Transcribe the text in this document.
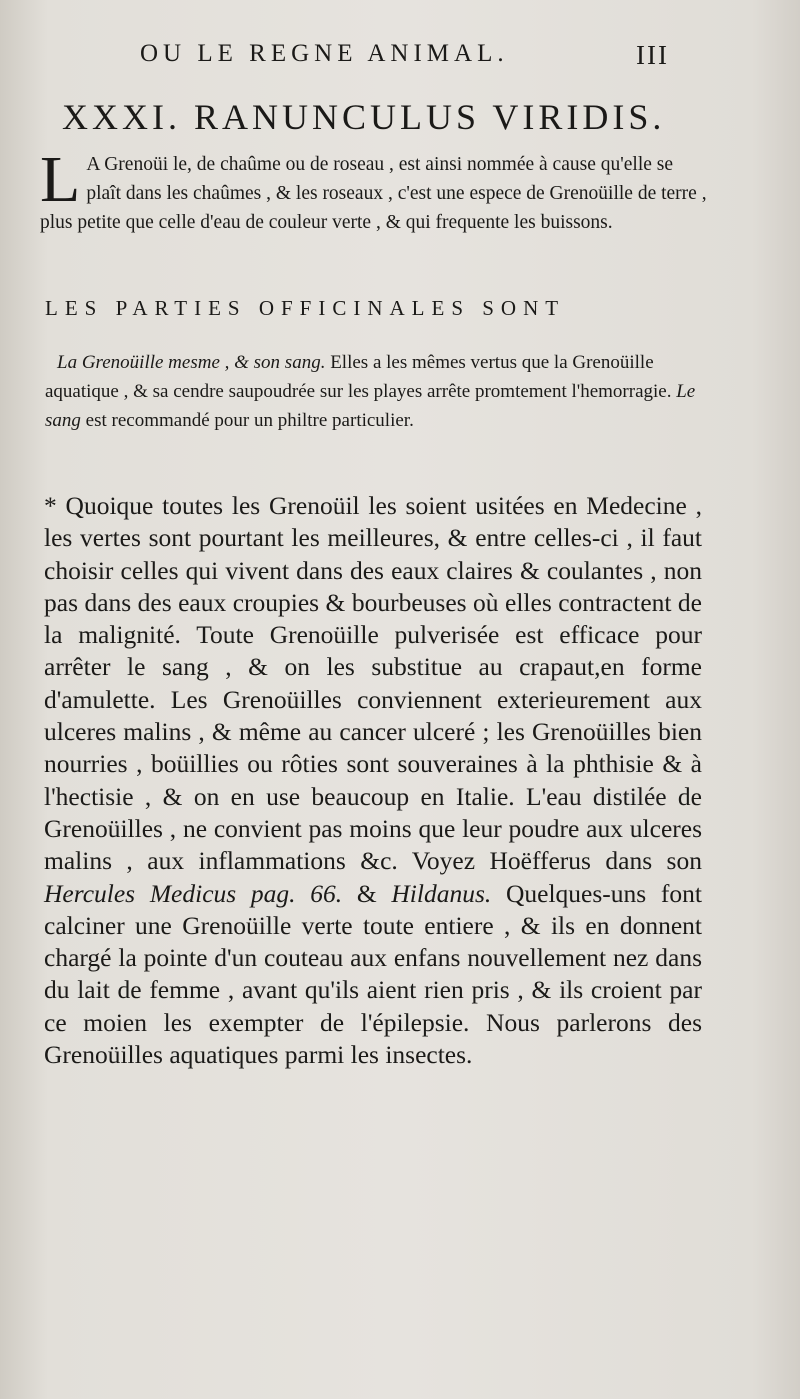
OU LE REGNE ANIMAL.	III
XXXI. RANUNCULUS VIRIDIS.
L A Grenoüi le, de chaûme ou de roseau , est ainsi nommée à cause qu'elle se plaît dans les chaûmes , & les roseaux , c'est une espece de Grenoüille de terre , plus petite que celle d'eau de couleur verte , & qui frequente les buissons.
LES PARTIES OFFICINALES SONT

La Grenoüille mesme , & son sang. Elles a les mêmes vertus que la Grenoüille aquatique , & sa cendre saupoudrée sur les playes arrête promtement l'hemorragie. Le sang est recommandé pour un philtre particulier.

* Quoique toutes les Grenoüil les soient usitées en Medecine , les vertes sont pourtant les meilleures, & entre celles-ci , il faut choisir celles qui vivent dans des eaux claires & coulantes , non pas dans des eaux croupies & bourbeuses où elles contractent de la malignité. Toute Grenoüille pulverisée est efficace pour arrêter le sang , & on les substitue au crapaut,en forme d'amulette. Les Grenoüilles conviennent exterieurement aux ulceres malins , & même au cancer ulceré ; les Grenoüilles bien nourries , boüillies ou rôties sont souveraines à la phthisie & à l'hectisie , & on en use beaucoup en Italie. L'eau distilée de Grenoüilles , ne convient pas moins que leur poudre aux ulceres malins , aux inflammations &c. Voyez Hoëfferus dans son Hercules Medicus pag. 66. & Hildanus. Quelques-uns font calciner une Grenoüille verte toute entiere , & ils en donnent chargé la pointe d'un couteau aux enfans nouvellement nez dans du lait de femme , avant qu'ils aient rien pris , & ils croient par ce moien les exempter de l'épilepsie. Nous parlerons des Grenoüilles aquatiques parmi les insectes.
